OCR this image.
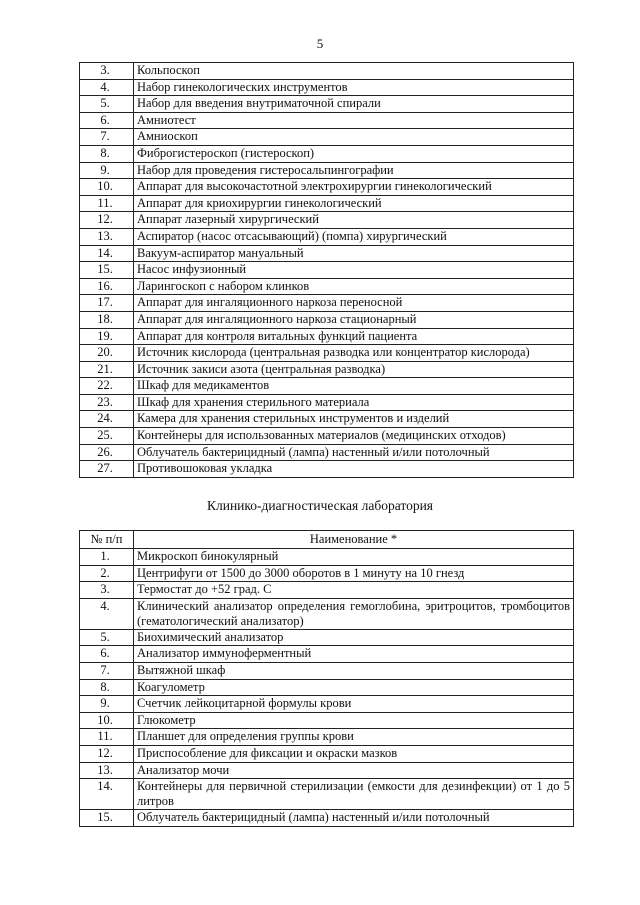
5
3.	Кольпоскоп
4.	Набор гинекологических инструментов
5.	Набор для введения внутриматочной спирали
6.	Амниотест
7.	Амниоскоп
8.	Фиброгистероскоп (гистероскоп)
9.	Набор для проведения гистеросальпингографии
10.	Аппарат для высокочастотной электрохирургии гинекологический
11.	Аппарат для криохирургии гинекологический
12.	Аппарат лазерный хирургический
13.	Аспиратор (насос отсасывающий) (помпа) хирургический
14.	Вакуум-аспиратор мануальный
15.	Насос инфузионный
16.	Ларингоскоп с набором клинков
17.	Аппарат для ингаляционного наркоза переносной
18.	Аппарат для ингаляционного наркоза стационарный
19.	Аппарат для контроля витальных функций пациента
20.	Источник кислорода (центральная разводка или концентратор кислорода)
21.	Источник закиси азота (центральная разводка)
22.	Шкаф для медикаментов
23.	Шкаф для хранения стерильного материала
24.	Камера для хранения стерильных инструментов и изделий
25.	Контейнеры для использованных материалов (медицинских отходов)
26.	Облучатель бактерицидный (лампа) настенный и/или потолочный
27.	Противошоковая укладка
Клинико-диагностическая лаборатория
№ п/п	Наименование *
1.	Микроскоп бинокулярный
2.	Центрифуги от 1500 до 3000 оборотов в 1 минуту на 10 гнезд
3.	Термостат до +52 град. С
4.	Клинический анализатор определения гемоглобина, эритроцитов, тромбоцитов (гематологический анализатор)
5.	Биохимический анализатор
6.	Анализатор иммуноферментный
7.	Вытяжной шкаф
8.	Коагулометр
9.	Счетчик лейкоцитарной формулы крови
10.	Глюкометр
11.	Планшет для определения группы крови
12.	Приспособление для фиксации и окраски мазков
13.	Анализатор мочи
14.	Контейнеры для первичной стерилизации (емкости для дезинфекции) от 1 до 5 литров
15.	Облучатель бактерицидный (лампа) настенный и/или потолочный
